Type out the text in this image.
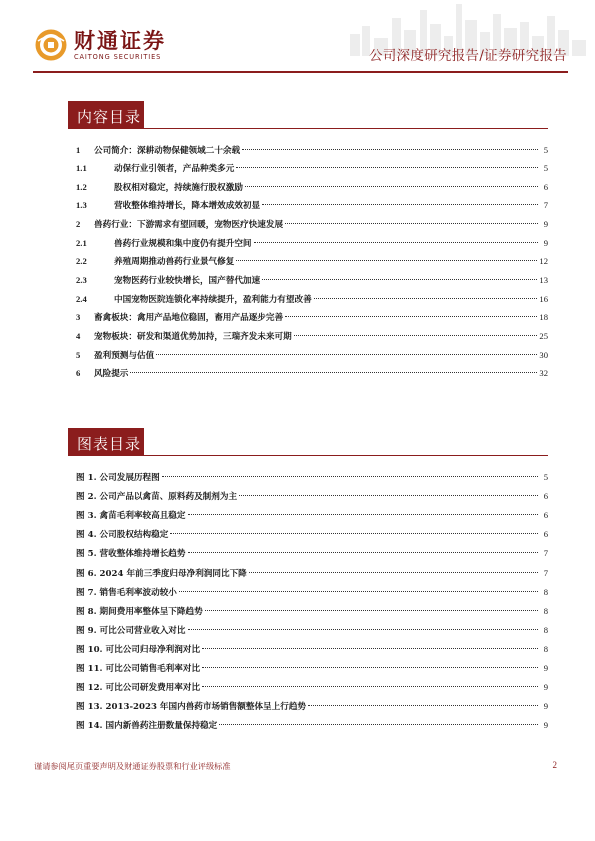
财通证券
CAITONG SECURITIES	公司深度研究报告/证券研究报告
内容目录
1	公司简介：深耕动物保健领域二十余载	5
1.1	动保行业引领者，产品种类多元	5
1.2	股权相对稳定，持续施行股权激励	6
1.3	营收整体维持增长，降本增效成效初显	7
2	兽药行业：下游需求有望回暖，宠物医疗快速发展	9
2.1	兽药行业规模和集中度仍有提升空间	9
2.2	养殖周期推动兽药行业景气修复	12
2.3	宠物医药行业较快增长，国产替代加速	13
2.4	中国宠物医院连锁化率持续提升，盈利能力有望改善	16
3	畜禽板块：禽用产品地位稳固，畜用产品逐步完善	18
4	宠物板块：研发和渠道优势加持，三瑞齐发未来可期	25
5	盈利预测与估值	30
6	风险提示	32
图表目录
图 1. 公司发展历程图	5
图 2. 公司产品以禽苗、原料药及制剂为主	6
图 3. 禽苗毛利率较高且稳定	6
图 4. 公司股权结构稳定	6
图 5. 营收整体维持增长趋势	7
图 6. 2024 年前三季度归母净利润同比下降	7
图 7. 销售毛利率波动较小	8
图 8. 期间费用率整体呈下降趋势	8
图 9. 可比公司营业收入对比	8
图 10. 可比公司归母净利润对比	8
图 11. 可比公司销售毛利率对比	9
图 12. 可比公司研发费用率对比	9
图 13. 2013-2023 年国内兽药市场销售额整体呈上行趋势	9
图 14. 国内新兽药注册数量保持稳定	9
谨请参阅尾页重要声明及财通证券股票和行业评级标准	2
